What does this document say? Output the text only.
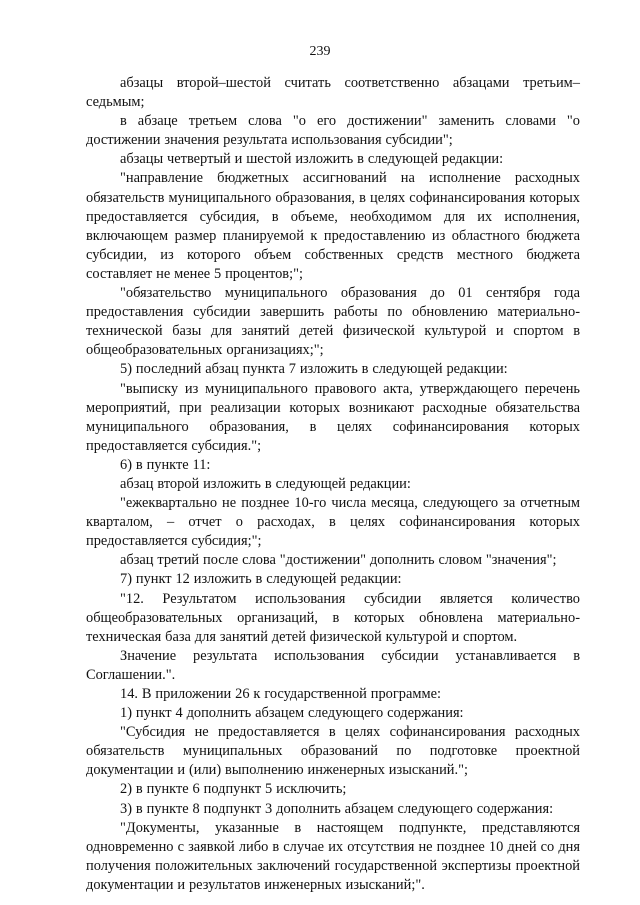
239

абзацы второй–шестой считать соответственно абзацами третьим–седьмым;

в абзаце третьем слова "о его достижении" заменить словами "о достижении значения результата использования субсидии";

абзацы четвертый и шестой изложить в следующей редакции:

"направление бюджетных ассигнований на исполнение расходных обязательств муниципального образования, в целях софинансирования которых предоставляется субсидия, в объеме, необходимом для их исполнения, включающем размер планируемой к предоставлению из областного бюджета субсидии, из которого объем собственных средств местного бюджета составляет не менее 5 процентов;";

"обязательство муниципального образования до 01 сентября года предоставления субсидии завершить работы по обновлению материально-технической базы для занятий детей физической культурой и спортом в общеобразовательных организациях;";

5) последний абзац пункта 7 изложить в следующей редакции:

"выписку из муниципального правового акта, утверждающего перечень мероприятий, при реализации которых возникают расходные обязательства муниципального образования, в целях софинансирования которых предоставляется субсидия.";

6) в пункте 11:

абзац второй изложить в следующей редакции:

"ежеквартально не позднее 10-го числа месяца, следующего за отчетным кварталом, – отчет о расходах, в целях софинансирования которых предоставляется субсидия;";

абзац третий после слова "достижении" дополнить словом "значения";

7) пункт 12 изложить в следующей редакции:

"12. Результатом использования субсидии является количество общеобразовательных организаций, в которых обновлена материально-техническая база для занятий детей физической культурой и спортом.

Значение результата использования субсидии устанавливается в Соглашении.".

14. В приложении 26 к государственной программе:

1) пункт 4 дополнить абзацем следующего содержания:

"Субсидия не предоставляется в целях софинансирования расходных обязательств муниципальных образований по подготовке проектной документации и (или) выполнению инженерных изысканий.";

2) в пункте 6 подпункт 5 исключить;

3) в пункте 8 подпункт 3 дополнить абзацем следующего содержания:

"Документы, указанные в настоящем подпункте, представляются одновременно с заявкой либо в случае их отсутствия не позднее 10 дней со дня получения положительных заключений государственной экспертизы проектной документации и результатов инженерных изысканий;".
